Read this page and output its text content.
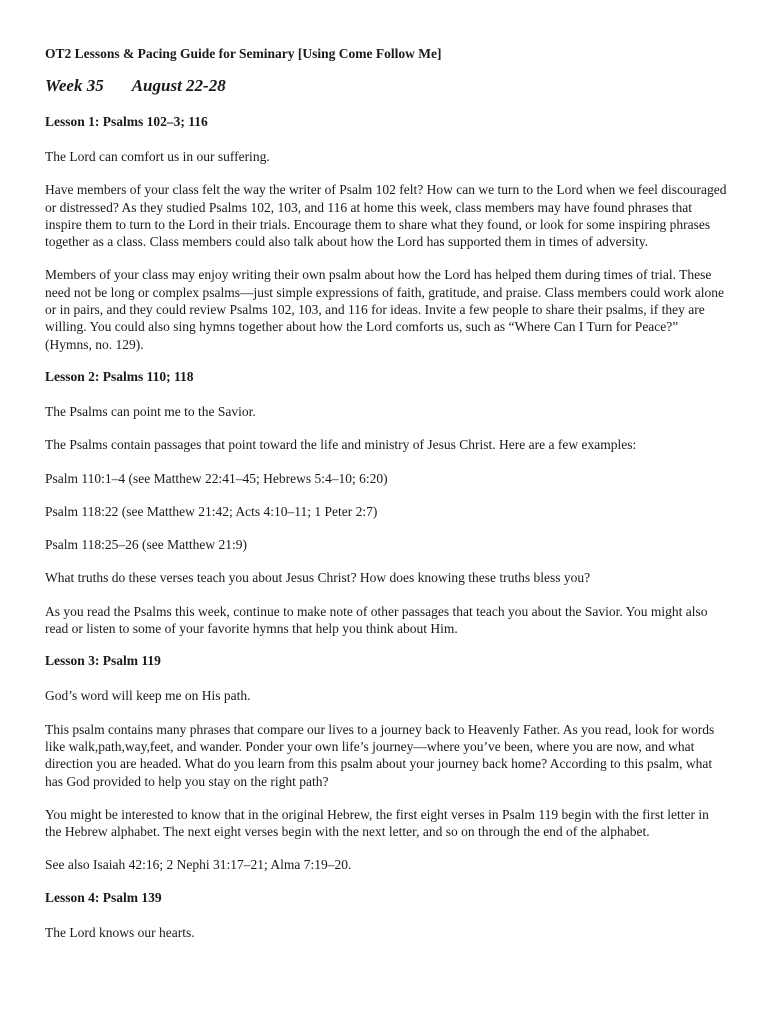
OT2 Lessons & Pacing Guide for Seminary [Using Come Follow Me]
Week 35 August 22-28
Lesson 1: Psalms 102–3; 116

The Lord can comfort us in our suffering.

Have members of your class felt the way the writer of Psalm 102 felt? How can we turn to the Lord when we feel discouraged or distressed? As they studied Psalms 102, 103, and 116 at home this week, class members may have found phrases that inspire them to turn to the Lord in their trials. Encourage them to share what they found, or look for some inspiring phrases together as a class. Class members could also talk about how the Lord has supported them in times of adversity.

Members of your class may enjoy writing their own psalm about how the Lord has helped them during times of trial. These need not be long or complex psalms—just simple expressions of faith, gratitude, and praise. Class members could work alone or in pairs, and they could review Psalms 102, 103, and 116 for ideas. Invite a few people to share their psalms, if they are willing. You could also sing hymns together about how the Lord comforts us, such as “Where Can I Turn for Peace?” (Hymns, no. 129).

Lesson 2: Psalms 110; 118

The Psalms can point me to the Savior.

The Psalms contain passages that point toward the life and ministry of Jesus Christ. Here are a few examples:

Psalm 110:1–4 (see Matthew 22:41–45; Hebrews 5:4–10; 6:20)

Psalm 118:22 (see Matthew 21:42; Acts 4:10–11; 1 Peter 2:7)

Psalm 118:25–26 (see Matthew 21:9)

What truths do these verses teach you about Jesus Christ? How does knowing these truths bless you?

As you read the Psalms this week, continue to make note of other passages that teach you about the Savior. You might also read or listen to some of your favorite hymns that help you think about Him.

Lesson 3: Psalm 119

God’s word will keep me on His path.

This psalm contains many phrases that compare our lives to a journey back to Heavenly Father. As you read, look for words like walk,path,way,feet, and wander. Ponder your own life’s journey—where you’ve been, where you are now, and what direction you are headed. What do you learn from this psalm about your journey back home? According to this psalm, what has God provided to help you stay on the right path?

You might be interested to know that in the original Hebrew, the first eight verses in Psalm 119 begin with the first letter in the Hebrew alphabet. The next eight verses begin with the next letter, and so on through the end of the alphabet.

See also Isaiah 42:16; 2 Nephi 31:17–21; Alma 7:19–20.

Lesson 4: Psalm 139

The Lord knows our hearts.
